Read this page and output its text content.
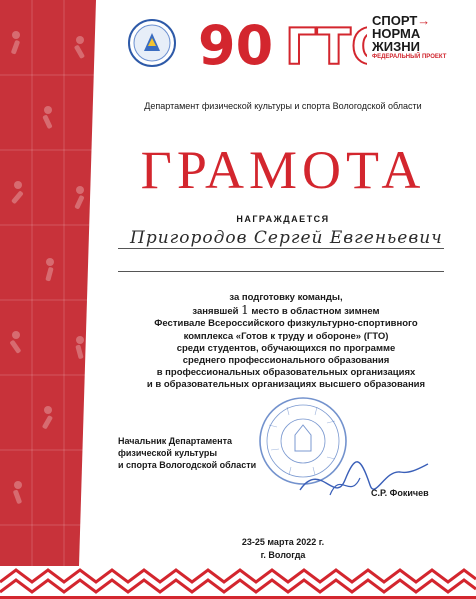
90 ГТ	СПОРТ→
НОРМА
ЖИЗНИ
ФЕДЕРАЛЬНЫЙ ПРОЕКТ
Департамент физической культуры и спорта Вологодской области
ГРАМОТА
НАГРАЖДАЕТСЯ
Пригородов Сергей Евгеньевич
за подготовку команды,
занявшей 1 место в областном зимнем
Фестивале Всероссийского физкультурно-спортивного
комплекса «Готов к труду и обороне» (ГТО)
среди студентов, обучающихся по программе
среднего профессионального образования
в профессиональных образовательных организациях
и в образовательных организациях высшего образования
Начальник Департамента
физической культуры
и спорта Вологодской области
С.Р. Фокичев
23-25 марта 2022 г.
г. Вологда
